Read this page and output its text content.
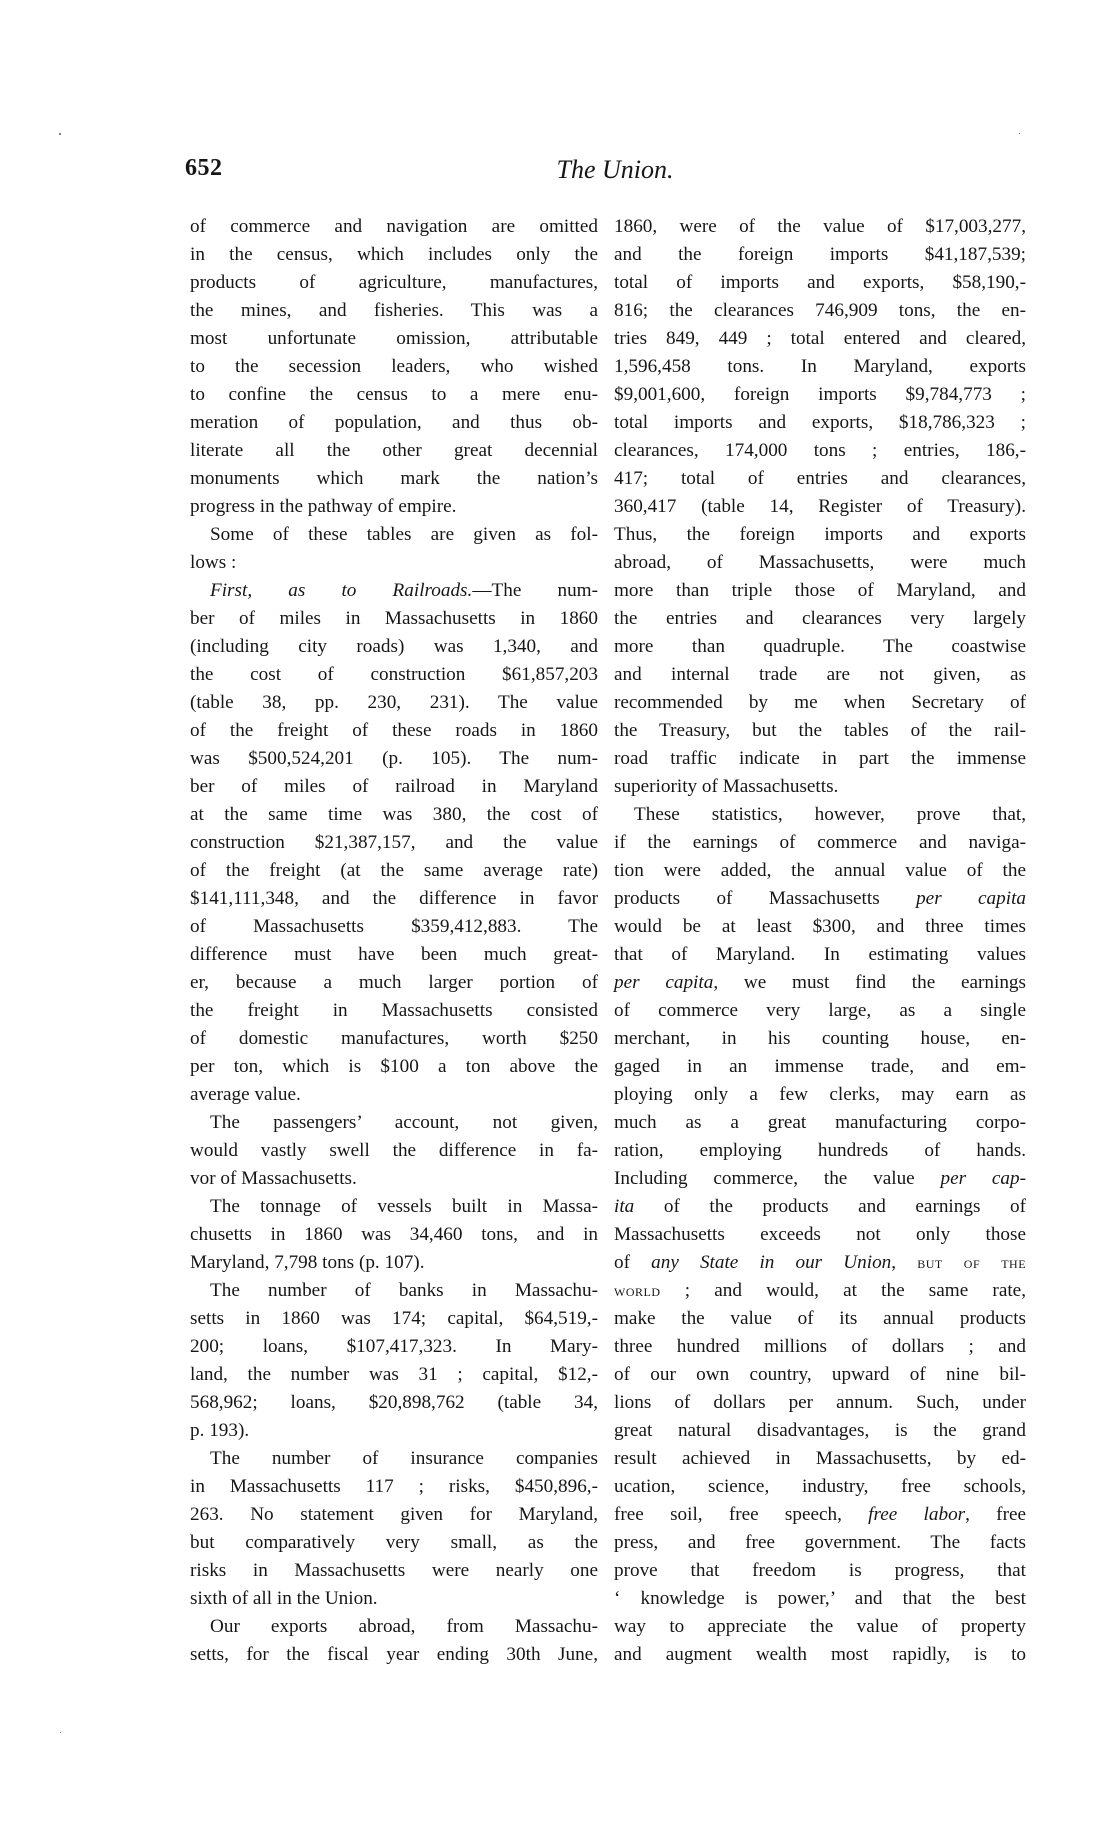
652	The Union.
of commerce and navigation are omitted
in the census, which includes only the
products of agriculture, manufactures,
the mines, and fisheries. This was a
most unfortunate omission, attributable
to the secession leaders, who wished
to confine the census to a mere enu-
meration of population, and thus ob-
literate all the other great decennial
monuments which mark the nation’s
progress in the pathway of empire.
Some of these tables are given as fol-
lows :
First, as to Railroads.—The num-
ber of miles in Massachusetts in 1860
(including city roads) was 1,340, and
the cost of construction $61,857,203
(table 38, pp. 230, 231). The value
of the freight of these roads in 1860
was $500,524,201 (p. 105). The num-
ber of miles of railroad in Maryland
at the same time was 380, the cost of
construction $21,387,157, and the value
of the freight (at the same average rate)
$141,111,348, and the difference in favor
of Massachusetts $359,412,883. The
difference must have been much great-
er, because a much larger portion of
the freight in Massachusetts consisted
of domestic manufactures, worth $250
per ton, which is $100 a ton above the
average value.
The passengers’ account, not given,
would vastly swell the difference in fa-
vor of Massachusetts.
The tonnage of vessels built in Massa-
chusetts in 1860 was 34,460 tons, and in
Maryland, 7,798 tons (p. 107).
The number of banks in Massachu-
setts in 1860 was 174; capital, $64,519,-
200; loans, $107,417,323. In Mary-
land, the number was 31 ; capital, $12,-
568,962; loans, $20,898,762 (table 34,
p. 193).
The number of insurance companies
in Massachusetts 117 ; risks, $450,896,-
263. No statement given for Maryland,
but comparatively very small, as the
risks in Massachusetts were nearly one
sixth of all in the Union.
Our exports abroad, from Massachu-
setts, for the fiscal year ending 30th June,
1860, were of the value of $17,003,277,
and the foreign imports $41,187,539;
total of imports and exports, $58,190,-
816; the clearances 746,909 tons, the en-
tries 849, 449 ; total entered and cleared,
1,596,458 tons. In Maryland, exports
$9,001,600, foreign imports $9,784,773 ;
total imports and exports, $18,786,323 ;
clearances, 174,000 tons ; entries, 186,-
417; total of entries and clearances,
360,417 (table 14, Register of Treasury).
Thus, the foreign imports and exports
abroad, of Massachusetts, were much
more than triple those of Maryland, and
the entries and clearances very largely
more than quadruple. The coastwise
and internal trade are not given, as
recommended by me when Secretary of
the Treasury, but the tables of the rail-
road traffic indicate in part the immense
superiority of Massachusetts.
These statistics, however, prove that,
if the earnings of commerce and naviga-
tion were added, the annual value of the
products of Massachusetts per capita
would be at least $300, and three times
that of Maryland. In estimating values
per capita, we must find the earnings
of commerce very large, as a single
merchant, in his counting house, en-
gaged in an immense trade, and em-
ploying only a few clerks, may earn as
much as a great manufacturing corpo-
ration, employing hundreds of hands.
Including commerce, the value per cap-
ita of the products and earnings of
Massachusetts exceeds not only those
of any State in our Union, but of the
world ; and would, at the same rate,
make the value of its annual products
three hundred millions of dollars ; and
of our own country, upward of nine bil-
lions of dollars per annum. Such, under
great natural disadvantages, is the grand
result achieved in Massachusetts, by ed-
ucation, science, industry, free schools,
free soil, free speech, free labor, free
press, and free government. The facts
prove that freedom is progress, that
‘ knowledge is power,’ and that the best
way to appreciate the value of property
and augment wealth most rapidly, is to
